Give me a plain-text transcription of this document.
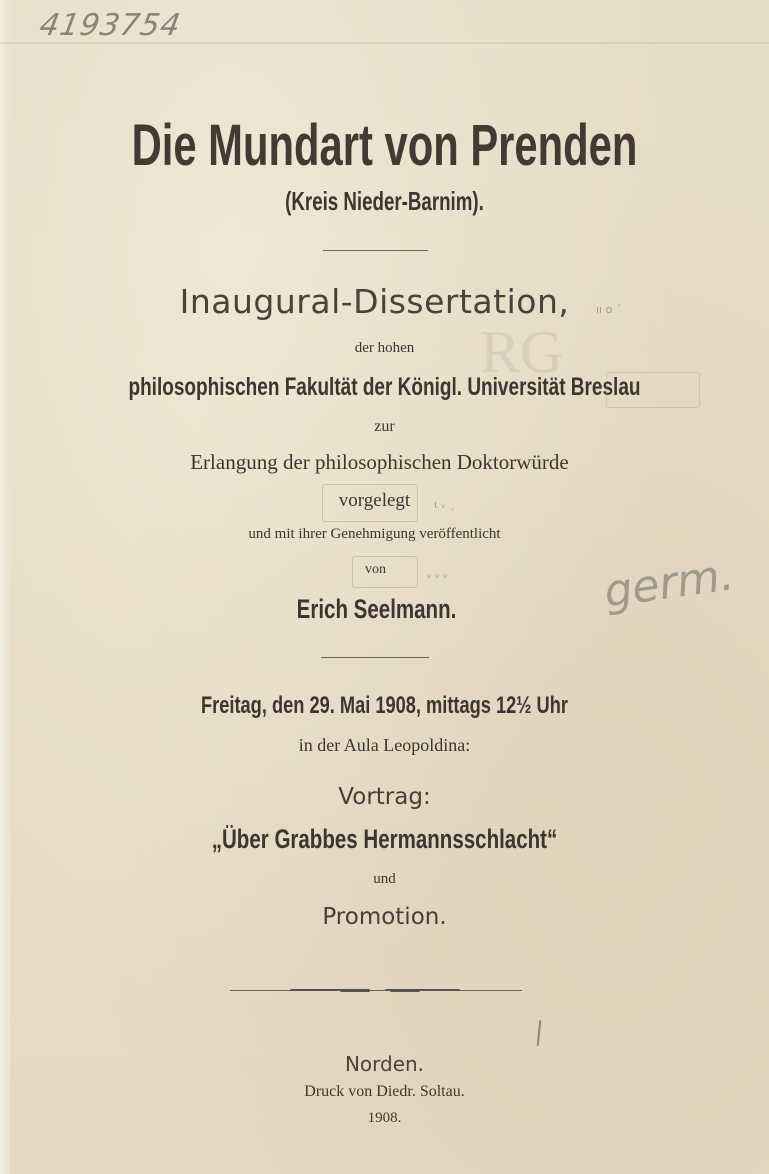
4193754
RG
Die Mundart von Prenden
(Kreis Nieder-Barnim).
Inaugural-Dissertation,	ıı o ˊ
der hohen
philosophischen Fakultät der Königl. Universität Breslau
zur
Erlangung der philosophischen Doktorwürde
vorgelegt	ι ᵥ ˏ
und mit ihrer Genehmigung veröffentlicht
von	ᵥ ᵥ ᵥ
Erich Seelmann.	germ.
Freitag, den 29. Mai 1908, mittags 12½ Uhr
in der Aula Leopoldina:
Vortrag:
„Über Grabbes Hermannsschlacht“
und
Promotion.
Norden.
Druck von Diedr. Soltau.
1908.
